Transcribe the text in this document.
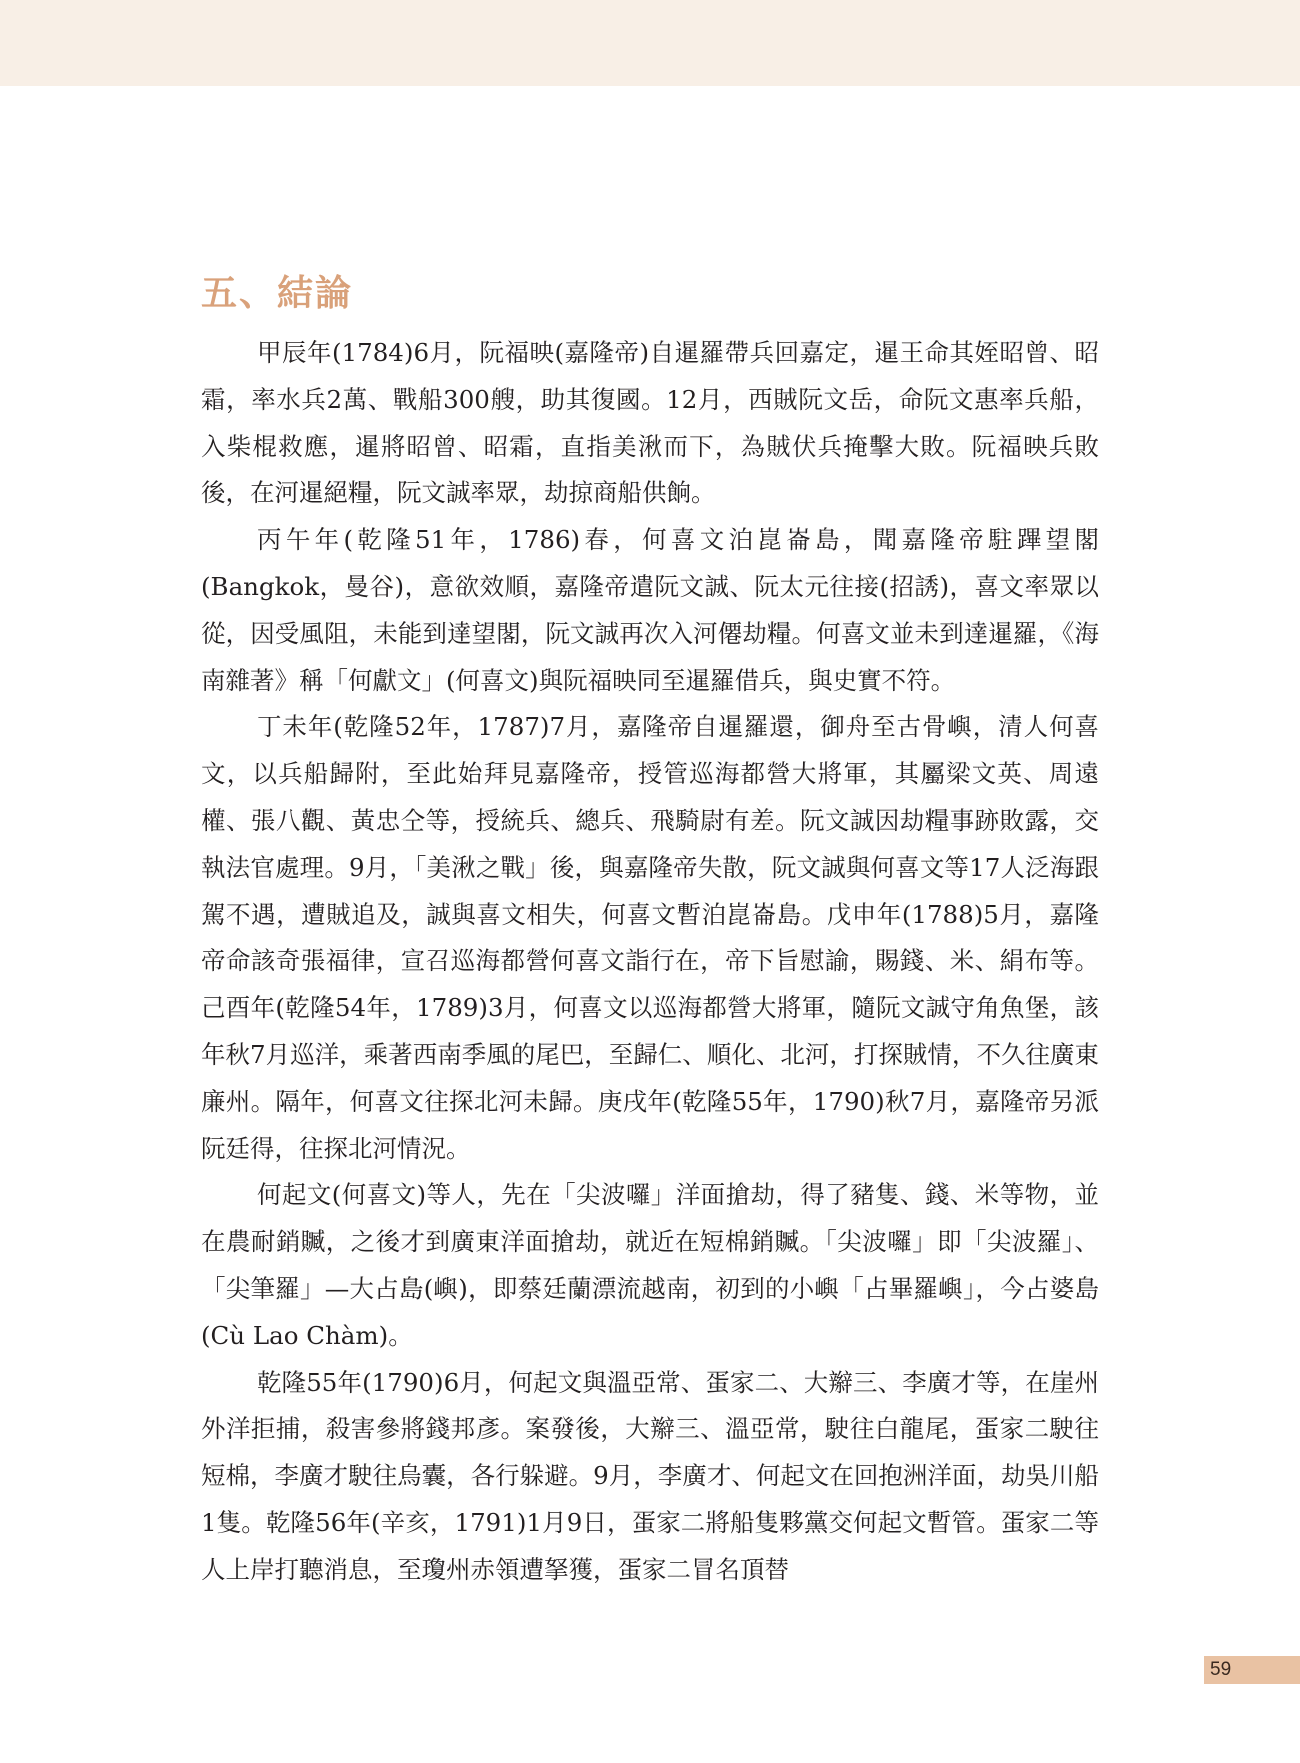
五、結論

甲辰年(1784)6月，阮福映(嘉隆帝)自暹羅帶兵回嘉定，暹王命其姪昭曾、昭霜，率水兵2萬、戰船300艘，助其復國。12月，西賊阮文岳，命阮文惠率兵船，入柴棍救應，暹將昭曾、昭霜，直指美湫而下，為賊伏兵掩擊大敗。阮福映兵敗後，在河暹絕糧，阮文誠率眾，劫掠商船供餉。

丙午年(乾隆51年，1786)春，何喜文泊崑崙島，聞嘉隆帝駐蹕望閣(Bangkok，曼谷)，意欲效順，嘉隆帝遣阮文誠、阮太元往接(招誘)，喜文率眾以從，因受風阻，未能到達望閣，阮文誠再次入河僊劫糧。何喜文並未到達暹羅，《海南雜著》稱「何獻文」(何喜文)與阮福映同至暹羅借兵，與史實不符。

丁未年(乾隆52年，1787)7月，嘉隆帝自暹羅還，御舟至古骨嶼，清人何喜文，以兵船歸附，至此始拜見嘉隆帝，授管巡海都營大將軍，其屬梁文英、周遠權、張八觀、黃忠仝等，授統兵、總兵、飛騎尉有差。阮文誠因劫糧事跡敗露，交執法官處理。9月，「美湫之戰」後，與嘉隆帝失散，阮文誠與何喜文等17人泛海跟駕不遇，遭賊追及，誠與喜文相失，何喜文暫泊崑崙島。戊申年(1788)5月，嘉隆帝命該奇張福律，宣召巡海都營何喜文詣行在，帝下旨慰諭，賜錢、米、絹布等。己酉年(乾隆54年，1789)3月，何喜文以巡海都營大將軍，隨阮文誠守角魚堡，該年秋7月巡洋，乘著西南季風的尾巴，至歸仁、順化、北河，打探賊情，不久往廣東廉州。隔年，何喜文往探北河未歸。庚戌年(乾隆55年，1790)秋7月，嘉隆帝另派阮廷得，往探北河情況。

何起文(何喜文)等人，先在「尖波囉」洋面搶劫，得了豬隻、錢、米等物，並在農耐銷贓，之後才到廣東洋面搶劫，就近在短棉銷贓。「尖波囉」即「尖波羅」、「尖筆羅」—大占島(嶼)，即蔡廷蘭漂流越南，初到的小嶼「占畢羅嶼」，今占婆島(Cù Lao Chàm)。

乾隆55年(1790)6月，何起文與溫亞常、蛋家二、大辮三、李廣才等，在崖州外洋拒捕，殺害參將錢邦彥。案發後，大辮三、溫亞常，駛往白龍尾，蛋家二駛往短棉，李廣才駛往烏囊，各行躲避。9月，李廣才、何起文在回抱洲洋面，劫吳川船1隻。乾隆56年(辛亥，1791)1月9日，蛋家二將船隻夥黨交何起文暫管。蛋家二等人上岸打聽消息，至瓊州赤領遭拏獲，蛋家二冒名頂替

59
